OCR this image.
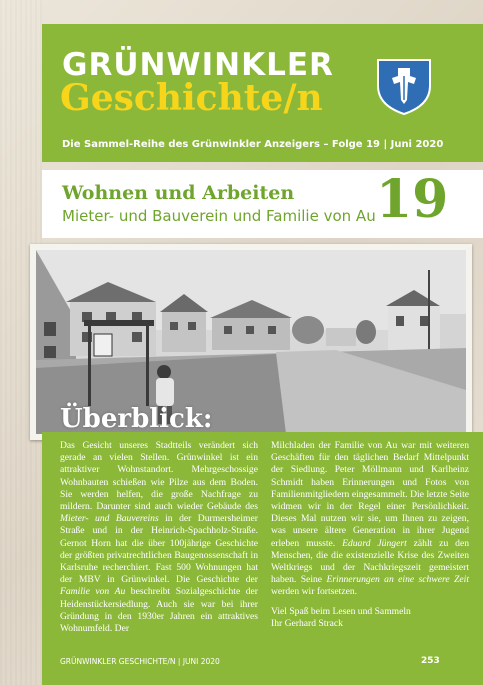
GRÜNWINKLER
Geschichte/n
Die Sammel-Reihe des Grünwinkler Anzeigers – Folge 19 | Juni 2020
Wohnen und Arbeiten
Mieter- und Bauverein und Familie von Au 19
Überblick:

Das Gesicht unseres Stadtteils verändert sich gerade an vielen Stellen. Grünwinkel ist ein attraktiver Wohnstandort. Mehrgeschossige Wohnbauten schießen wie Pilze aus dem Boden. Sie werden helfen, die große Nachfrage zu mildern. Darunter sind auch wieder Gebäude des Mieter- und Bauvereins in der Durmersheimer Straße und in der Heinrich-Spachholz-Straße. Gernot Horn hat die über 100jährige Geschichte der größten privatrechtlichen Baugenossenschaft in Karlsruhe recherchiert. Fast 500 Wohnungen hat der MBV in Grünwinkel. Die Geschichte der Familie von Au beschreibt Sozialgeschichte der Heidenstückersiedlung. Auch sie war bei ihrer Gründung in den 1930er Jahren ein attraktives Wohnumfeld. Der

Milchladen der Familie von Au war mit weiteren Geschäften für den täglichen Bedarf Mittelpunkt der Siedlung. Peter Möllmann und Karlheinz Schmidt haben Erinnerungen und Fotos von Familienmitgliedern eingesammelt. Die letzte Seite widmen wir in der Regel einer Persönlichkeit. Dieses Mal nutzen wir sie, um Ihnen zu zeigen, was unsere ältere Generation in ihrer Jugend erleben musste. Eduard Jüngert zählt zu den Menschen, die die existenzielle Krise des Zweiten Weltkriegs und der Nachkriegszeit gemeistert haben. Seine Erinnerungen an eine schwere Zeit werden wir fortsetzen.

Viel Spaß beim Lesen und Sammeln
Ihr Gerhard Strack

GRÜNWINKLER GESCHICHTE/N | JUNI 2020	253
